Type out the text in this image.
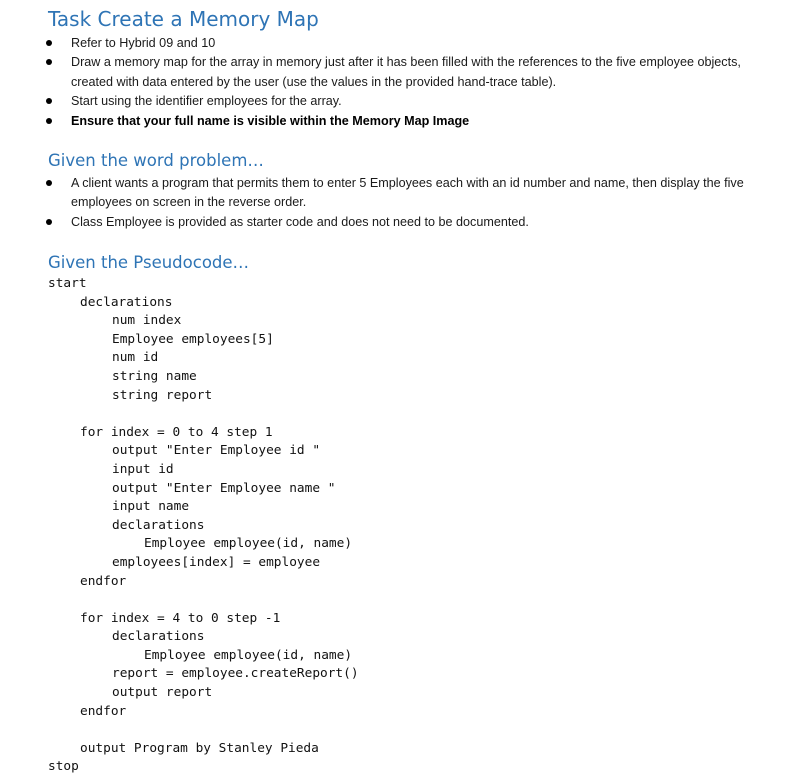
Task Create a Memory Map
Refer to Hybrid 09 and 10
Draw a memory map for the array in memory just after it has been filled with the references to the five employee objects, created with data entered by the user (use the values in the provided hand-trace table).
Start using the identifier employees for the array.
Ensure that your full name is visible within the Memory Map Image
Given the word problem…
A client wants a program that permits them to enter 5 Employees each with an id number and name, then display the five employees on screen in the reverse order.
Class Employee is provided as starter code and does not need to be documented.
Given the Pseudocode…
start
declarations
num index
Employee employees[5]
num id
string name
string report
for index = 0 to 4 step 1
output "Enter Employee id "
input id
output "Enter Employee name "
input name
declarations
Employee employee(id, name)
employees[index] = employee
endfor
for index = 4 to 0 step -1
declarations
Employee employee(id, name)
report = employee.createReport()
output report
endfor
output Program by Stanley Pieda
stop
